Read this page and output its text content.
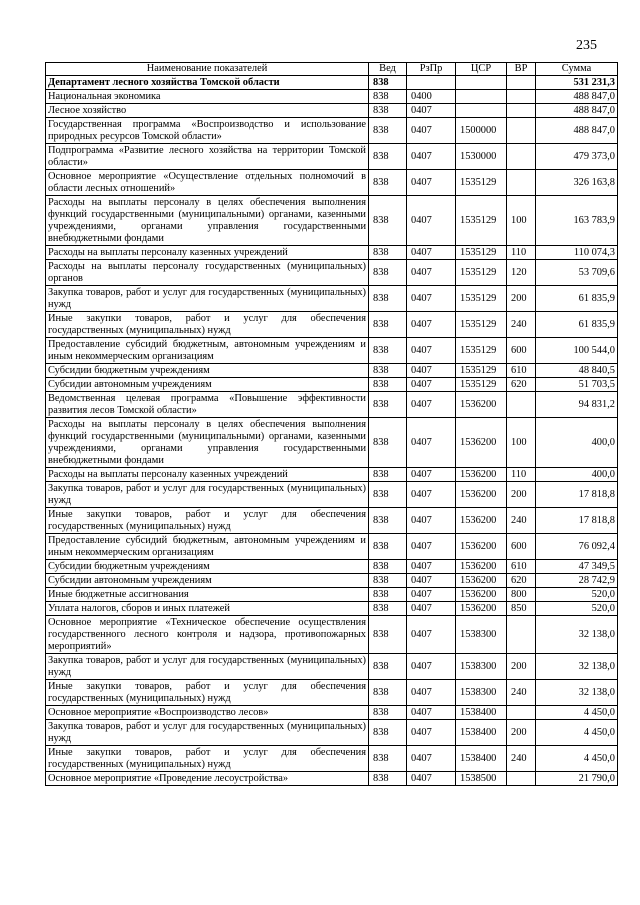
235
Наименование показателей	Вед	РзПр	ЦСР	ВР	Сумма
Департамент лесного хозяйства Томской области	838				531 231,3
Национальная экономика	838	0400			488 847,0
Лесное хозяйство	838	0407			488 847,0
Государственная программа «Воспроизводство и использование природных ресурсов Томской области»	838	0407	1500000		488 847,0
Подпрограмма «Развитие лесного хозяйства на территории Томской области»	838	0407	1530000		479 373,0
Основное мероприятие «Осуществление отдельных полномочий в области лесных отношений»	838	0407	1535129		326 163,8
Расходы на выплаты персоналу в целях обеспечения выполнения функций государственными (муниципальными) органами, казенными учреждениями, органами управления государственными внебюджетными фондами	838	0407	1535129	100	163 783,9
Расходы на выплаты персоналу казенных учреждений	838	0407	1535129	110	110 074,3
Расходы на выплаты персоналу государственных (муниципальных) органов	838	0407	1535129	120	53 709,6
Закупка товаров, работ и услуг для государственных (муниципальных) нужд	838	0407	1535129	200	61 835,9
Иные закупки товаров, работ и услуг для обеспечения государственных (муниципальных) нужд	838	0407	1535129	240	61 835,9
Предоставление субсидий бюджетным, автономным учреждениям и иным некоммерческим организациям	838	0407	1535129	600	100 544,0
Субсидии бюджетным учреждениям	838	0407	1535129	610	48 840,5
Субсидии автономным учреждениям	838	0407	1535129	620	51 703,5
Ведомственная целевая программа «Повышение эффективности развития лесов Томской области»	838	0407	1536200		94 831,2
Расходы на выплаты персоналу в целях обеспечения выполнения функций государственными (муниципальными) органами, казенными учреждениями, органами управления государственными внебюджетными фондами	838	0407	1536200	100	400,0
Расходы на выплаты персоналу казенных учреждений	838	0407	1536200	110	400,0
Закупка товаров, работ и услуг для государственных (муниципальных) нужд	838	0407	1536200	200	17 818,8
Иные закупки товаров, работ и услуг для обеспечения государственных (муниципальных) нужд	838	0407	1536200	240	17 818,8
Предоставление субсидий бюджетным, автономным учреждениям и иным некоммерческим организациям	838	0407	1536200	600	76 092,4
Субсидии бюджетным учреждениям	838	0407	1536200	610	47 349,5
Субсидии автономным учреждениям	838	0407	1536200	620	28 742,9
Иные бюджетные ассигнования	838	0407	1536200	800	520,0
Уплата налогов, сборов и иных платежей	838	0407	1536200	850	520,0
Основное мероприятие «Техническое обеспечение осуществления государственного лесного контроля и надзора, противопожарных мероприятий»	838	0407	1538300		32 138,0
Закупка товаров, работ и услуг для государственных (муниципальных) нужд	838	0407	1538300	200	32 138,0
Иные закупки товаров, работ и услуг для обеспечения государственных (муниципальных) нужд	838	0407	1538300	240	32 138,0
Основное мероприятие «Воспроизводство лесов»	838	0407	1538400		4 450,0
Закупка товаров, работ и услуг для государственных (муниципальных) нужд	838	0407	1538400	200	4 450,0
Иные закупки товаров, работ и услуг для обеспечения государственных (муниципальных) нужд	838	0407	1538400	240	4 450,0
Основное мероприятие «Проведение лесоустройства»	838	0407	1538500		21 790,0
